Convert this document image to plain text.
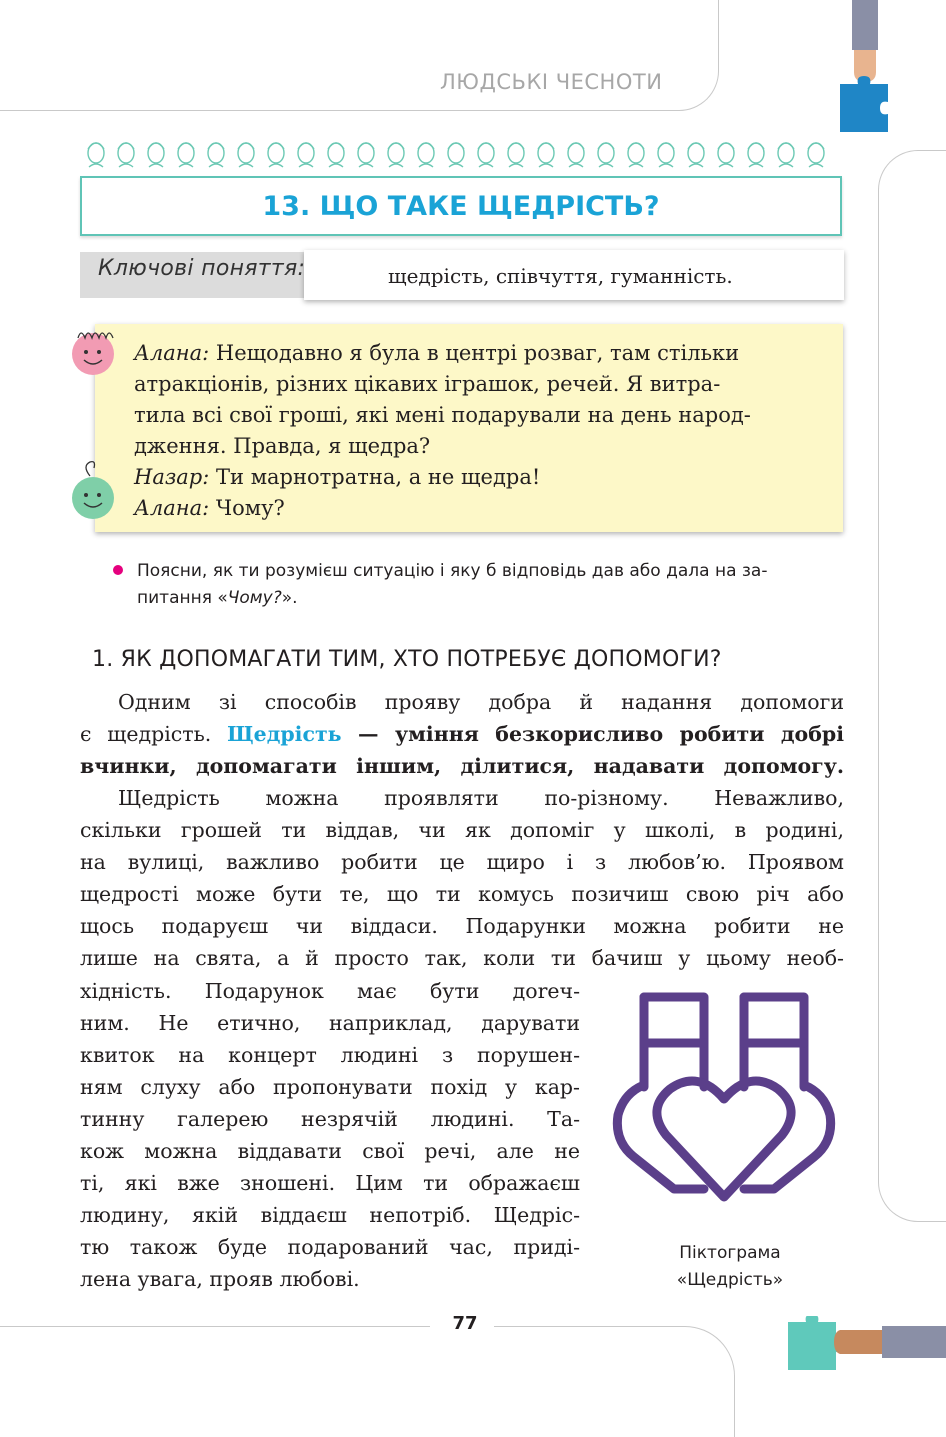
ЛЮДСЬКІ ЧЕСНОТИ
13. ЩО ТАКЕ ЩЕДРІСТЬ?
Ключові поняття:	щедрість, співчуття, гуманність.
Алана: Нещодавно я була в центрі розваг, там стільки
атракціонів, різних цікавих іграшок, речей. Я витра-
тила всі свої гроші, які мені подарували на день народ-
дження. Правда, я щедра?
Назар: Ти марнотратна, а не щедра!
Алана: Чому?
Поясни, як ти розумієш ситуацію і яку б відповідь дав або дала на за-
питання «Чому?».
1. ЯК ДОПОМАГАТИ ТИМ, ХТО ПОТРЕБУЄ ДОПОМОГИ?
Одним зі способів прояву добра й надання допомоги
є щедрість. Щедрість — уміння безкорисливо робити добрі
вчинки, допомагати іншим, ділитися, надавати допомогу.
Щедрість можна проявляти по-різному. Неважливо,
скільки грошей ти віддав, чи як допоміг у школі, в родині,
на вулиці, важливо робити це щиро і з любов’ю. Проявом
щедрості може бути те, що ти комусь позичиш свою річ або
щось подаруєш чи віддаси. Подарунки можна робити не
лише на свята, а й просто так, коли ти бачиш у цьому необ-
хідність. Подарунок має бути доreч-
ним. Не етично, наприклад, дарувати
квиток на концерт людині з порушен-
ням слуху або пропонувати похід у кар-
тинну галерею незрячій людині. Та-
кож можна віддавати свої речі, але не
ті, які вже зношені. Цим ти ображаєш
людину, якій віддаєш непотріб. Щедріс-
тю також буде подарований час, приді-
лена увага, прояв любові.
Піктограма
«Щедрість»
77
